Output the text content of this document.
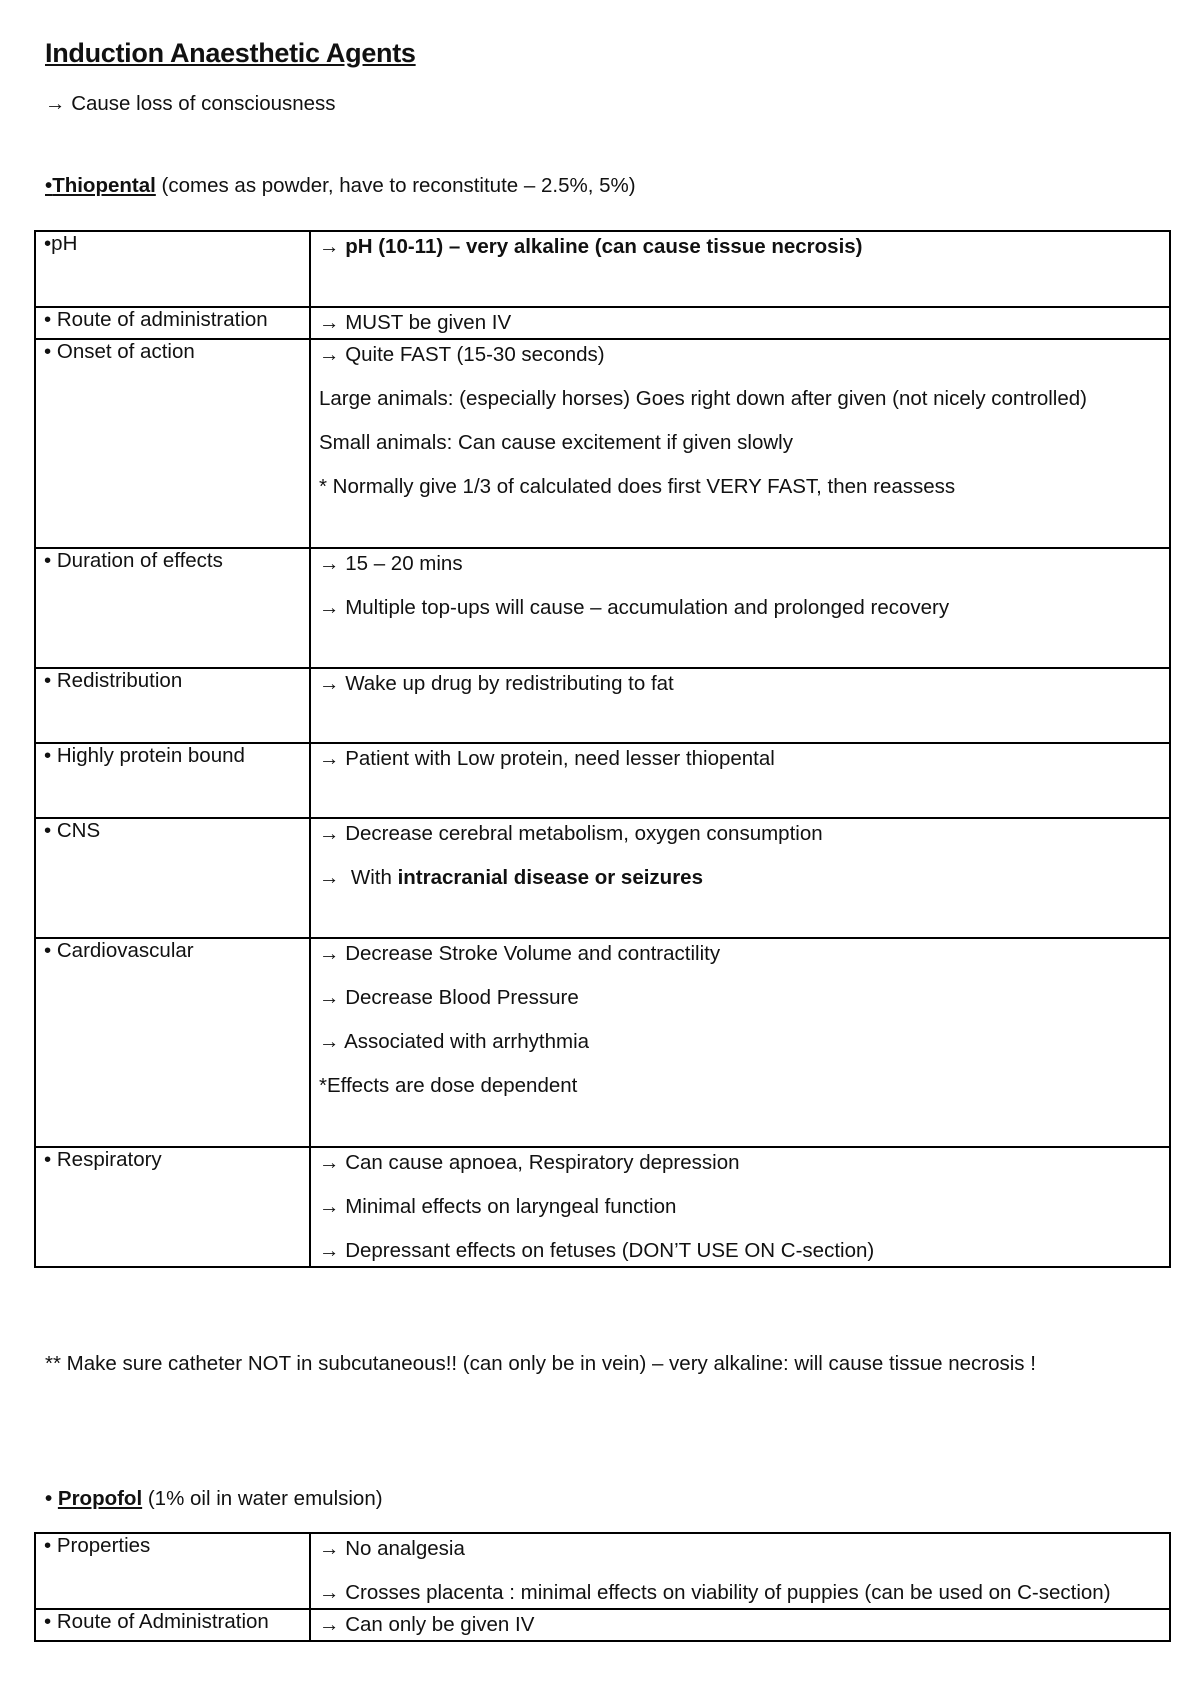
Induction Anaesthetic Agents
→ Cause loss of consciousness
•Thiopental (comes as powder, have to reconstitute – 2.5%, 5%)
•pH	→ pH (10-11) – very alkaline (can cause tissue necrosis)

• Route of administration	→ MUST be given IV

• Onset of action	→ Quite FAST (15-30 seconds)
Large animals: (especially horses) Goes right down after given (not nicely controlled)
Small animals: Can cause excitement if given slowly
* Normally give 1/3 of calculated does first VERY FAST, then reassess

• Duration of effects	→ 15 – 20 mins
→ Multiple top-ups will cause – accumulation and prolonged recovery

• Redistribution	→ Wake up drug by redistributing to fat

• Highly protein bound	→ Patient with Low protein, need lesser thiopental

• CNS	→ Decrease cerebral metabolism, oxygen consumption
→  With intracranial disease or seizures

• Cardiovascular	→ Decrease Stroke Volume and contractility
→ Decrease Blood Pressure
→ Associated with arrhythmia
*Effects are dose dependent

• Respiratory	→ Can cause apnoea, Respiratory depression
→ Minimal effects on laryngeal function
→ Depressant effects on fetuses (DON’T USE ON C-section)
** Make sure catheter NOT in subcutaneous!! (can only be in vein) – very alkaline: will cause tissue necrosis !
• Propofol (1% oil in water emulsion)
• Properties	→ No analgesia
→ Crosses placenta : minimal effects on viability of puppies (can be used on C-section)

• Route of Administration	→ Can only be given IV
